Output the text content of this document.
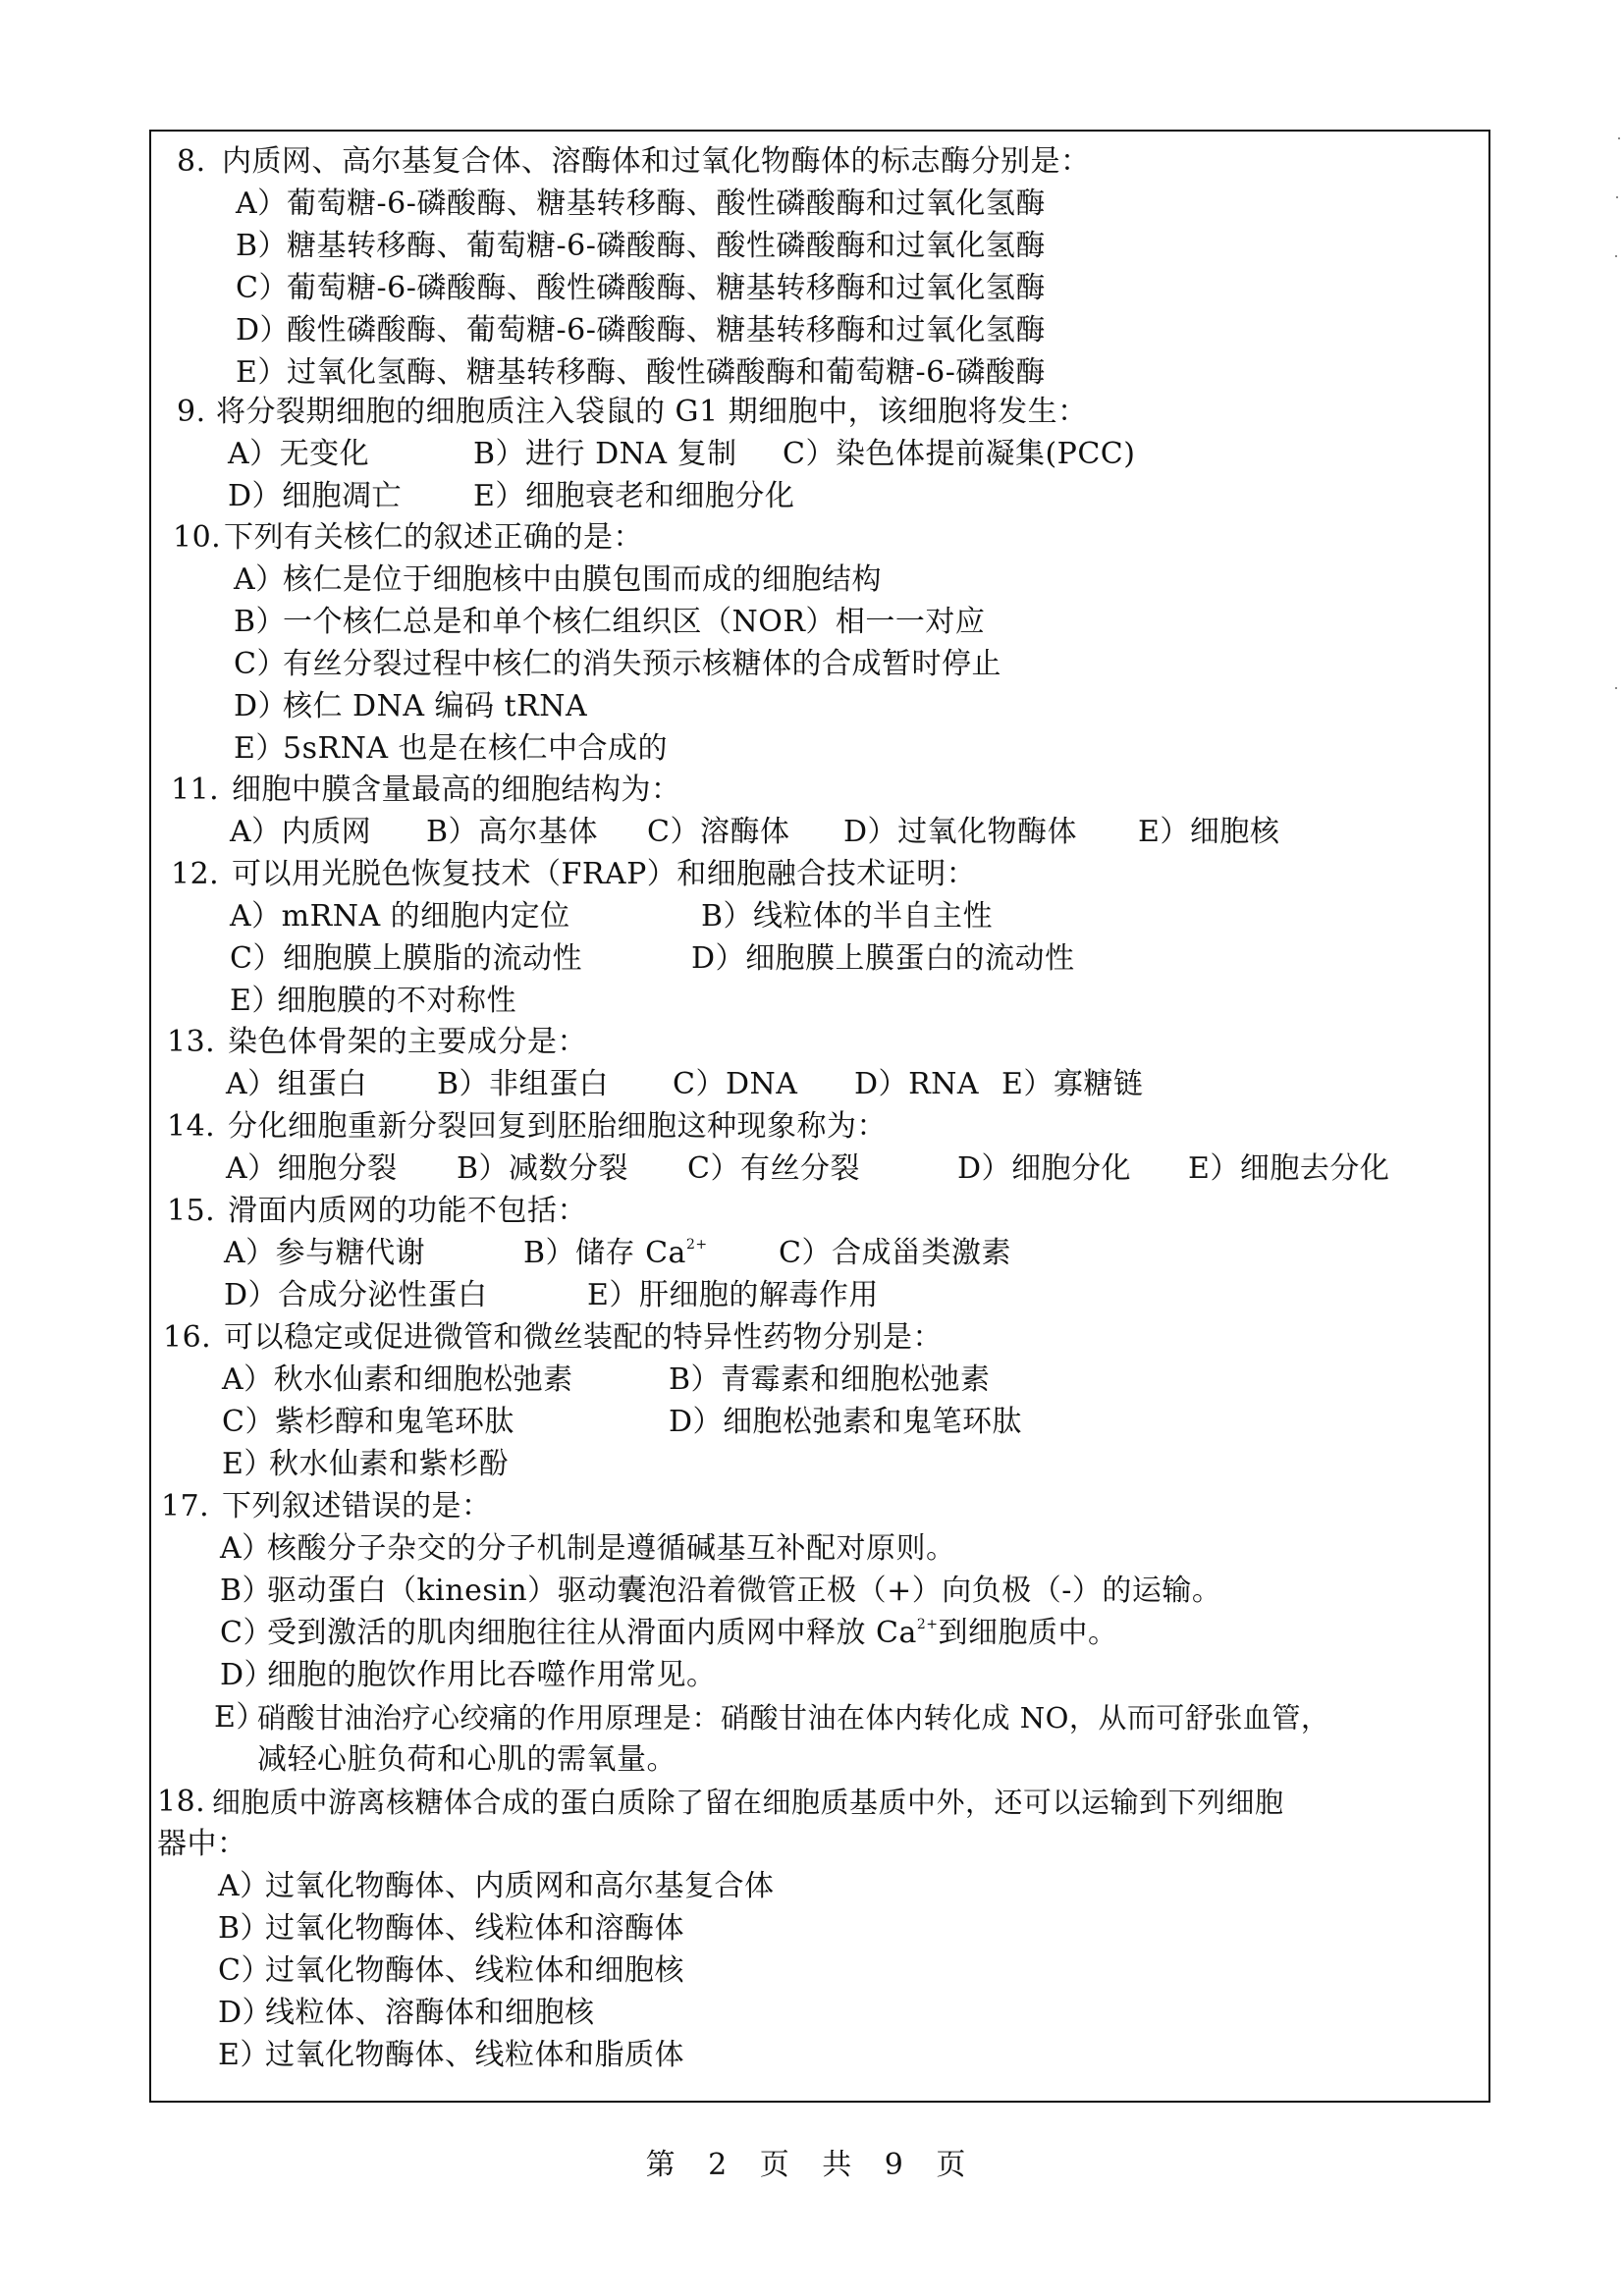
8. 内质网、高尔基复合体、溶酶体和过氧化物酶体的标志酶分别是：
A） 葡萄糖-6-磷酸酶、糖基转移酶、酸性磷酸酶和过氧化氢酶
B）
糖基转移酶、葡萄糖-6-磷酸酶、酸性磷酸酶和过氧化氢酶
C）
葡萄糖-6-磷酸酶、酸性磷酸酶、糖基转移酶和过氧化氢酶
D）
酸性磷酸酶、葡萄糖-6-磷酸酶、糖基转移酶和过氧化氢酶
E） 过氧化氢酶、糖基转移酶、酸性磷酸酶和葡萄糖-6-磷酸酶
9. 将分裂期细胞的细胞质注入袋鼠的 G1 期细胞中，该细胞将发生：
A）无变化	B）进行 DNA 复制 C）染色体提前凝集(PCC)
D）细胞凋亡 E）细胞衰老和细胞分化
10. 下列有关核仁的叙述正确的是：
A）
核仁是位于细胞核中由膜包围而成的细胞结构
B）
一个核仁总是和单个核仁组织区（NOR）相一一对应
C）
有丝分裂过程中核仁的消失预示核糖体的合成暂时停止
D）
核仁 DNA 编码 tRNA
E）
5sRNA 也是在核仁中合成的
11. 细胞中膜含量最高的细胞结构为：
A）内质网 B）高尔基体 C）溶酶体 D）过氧化物酶体 E）细胞核
12. 可以用光脱色恢复技术（FRAP）和细胞融合技术证明：
A）mRNA 的细胞内定位	B）线粒体的半自主性
C）细胞膜上膜脂的流动性	D）细胞膜上膜蛋白的流动性
E）
细胞膜的不对称性
13. 染色体骨架的主要成分是：
A）组蛋白 B）非组蛋白 C）DNA D）RNA E）寡糖链
14. 分化细胞重新分裂回复到胚胎细胞这种现象称为：
A）细胞分裂 B）减数分裂 C）有丝分裂	D）细胞分化 E）细胞去分化
15. 滑面内质网的功能不包括：
A）参与糖代谢	B）储存 $Ca^{2+}$ C）合成甾类激素
D）合成分泌性蛋白	E）肝细胞的解毒作用
16. 可以稳定或促进微管和微丝装配的特异性药物分别是：
A）秋水仙素和细胞松弛素	B）青霉素和细胞松弛素
C）紫杉醇和鬼笔环肽	D）细胞松弛素和鬼笔环肽
E）
秋水仙素和紫杉酚
17. 下列叙述错误的是：
A）
核酸分子杂交的分子机制是遵循碱基互补配对原则。
B）
驱动蛋白（kinesin）驱动囊泡沿着微管正极（+）向负极（-）的运输。
C）
受到激活的肌肉细胞往往从滑面内质网中释放 $Ca^{2+}$到细胞质中。
D）
细胞的胞饮作用比吞噬作用常见。
E）
硝酸甘油治疗心绞痛的作用原理是：硝酸甘油在体内转化成 NO，从而可舒张血管，
减轻心脏负荷和心肌的需氧量。
18. 细胞质中游离核糖体合成的蛋白质除了留在细胞质基质中外，还可以运输到下列细胞
器中：
A）
过氧化物酶体、内质网和高尔基复合体
B）
过氧化物酶体、线粒体和溶酶体
C）
过氧化物酶体、线粒体和细胞核
D）
线粒体、溶酶体和细胞核
E）
过氧化物酶体、线粒体和脂质体
第 2 页 共 9 页
